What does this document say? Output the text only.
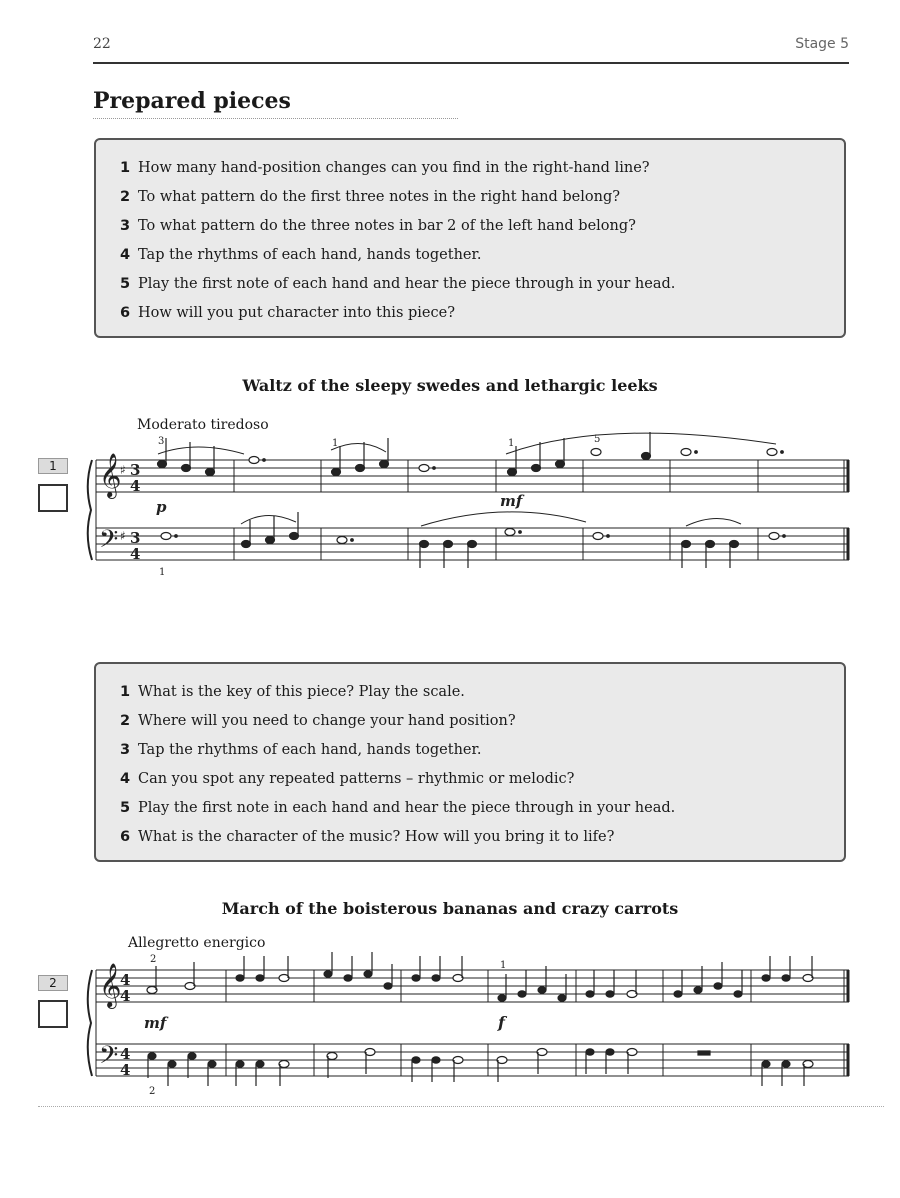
22	Stage 5
Prepared pieces
1 How many hand-position changes can you find in the right-hand line?
2 To what pattern do the first three notes in the right hand belong?
3 To what pattern do the three notes in bar 2 of the left hand belong?
4 Tap the rhythms of each hand, hands together.
5 Play the first note of each hand and hear the piece through in your head.
6 How will you put character into this piece?
Waltz of the sleepy swedes and lethargic leeks
Moderato tiredoso
1 𝄞
𝄢
♯
♯
3
4
3
4
p	mf
3	1	1	5
1
1 What is the key of this piece? Play the scale.
2 Where will you need to change your hand position?
3 Tap the rhythms of each hand, hands together.
4 Can you spot any repeated patterns – rhythmic or melodic?
5 Play the first note in each hand and hear the piece through in your head.
6 What is the character of the music? How will you bring it to life?
March of the boisterous bananas and crazy carrots
Allegretto energico
2 𝄞
𝄢
4
4
4
4
mf	f
2
1
2
